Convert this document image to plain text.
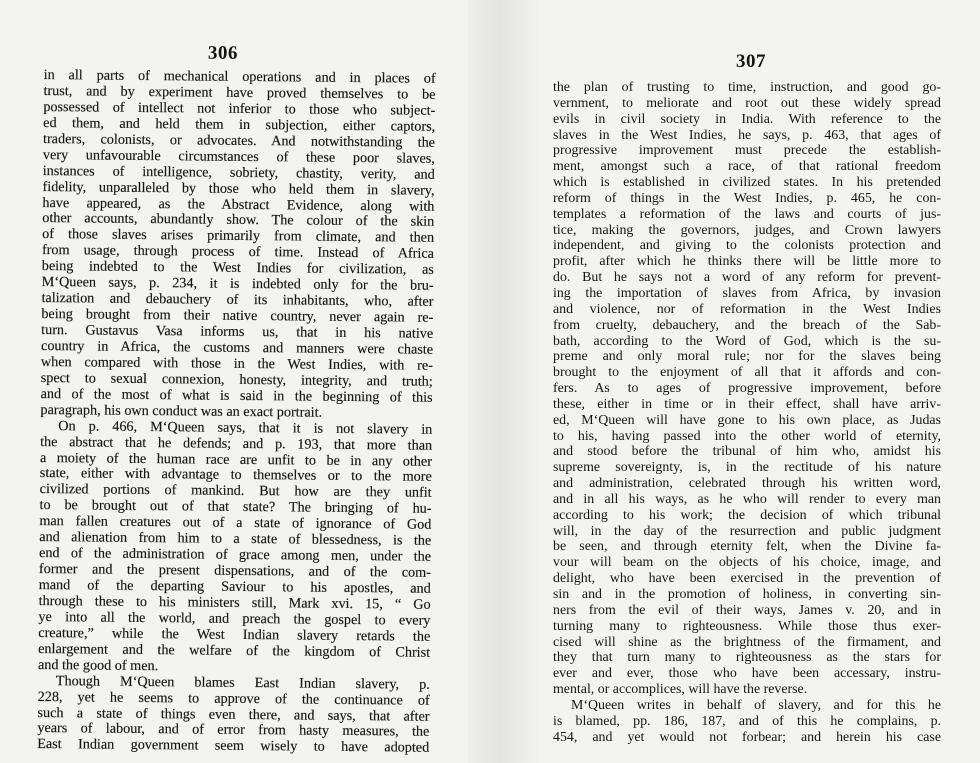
306
in all parts of mechanical operations and in places of
trust, and by experiment have proved themselves to be
possessed of intellect not inferior to those who subject-
ed them, and held them in subjection, either captors,
traders, colonists, or advocates. And notwithstanding the
very unfavourable circumstances of these poor slaves,
instances of intelligence, sobriety, chastity, verity, and
fidelity, unparalleled by those who held them in slavery,
have appeared, as the Abstract Evidence, along with
other accounts, abundantly show. The colour of the skin
of those slaves arises primarily from climate, and then
from usage, through process of time. Instead of Africa
being indebted to the West Indies for civilization, as
M‘Queen says, p. 234, it is indebted only for the bru-
talization and debauchery of its inhabitants, who, after
being brought from their native country, never again re-
turn. Gustavus Vasa informs us, that in his native
country in Africa, the customs and manners were chaste
when compared with those in the West Indies, with re-
spect to sexual connexion, honesty, integrity, and truth;
and of the most of what is said in the beginning of this
paragraph, his own conduct was an exact portrait.
On p. 466, M‘Queen says, that it is not slavery in
the abstract that he defends; and p. 193, that more than
a moiety of the human race are unfit to be in any other
state, either with advantage to themselves or to the more
civilized portions of mankind. But how are they unfit
to be brought out of that state? The bringing of hu-
man fallen creatures out of a state of ignorance of God
and alienation from him to a state of blessedness, is the
end of the administration of grace among men, under the
former and the present dispensations, and of the com-
mand of the departing Saviour to his apostles, and
through these to his ministers still, Mark xvi. 15, “ Go
ye into all the world, and preach the gospel to every
creature,” while the West Indian slavery retards the
enlargement and the welfare of the kingdom of Christ
and the good of men.
Though M‘Queen blames East Indian slavery, p.
228, yet he seems to approve of the continuance of
such a state of things even there, and says, that after
years of labour, and of error from hasty measures, the
East Indian government seem wisely to have adopted
307
the plan of trusting to time, instruction, and good go-
vernment, to meliorate and root out these widely spread
evils in civil society in India. With reference to the
slaves in the West Indies, he says, p. 463, that ages of
progressive improvement must precede the establish-
ment, amongst such a race, of that rational freedom
which is established in civilized states. In his pretended
reform of things in the West Indies, p. 465, he con-
templates a reformation of the laws and courts of jus-
tice, making the governors, judges, and Crown lawyers
independent, and giving to the colonists protection and
profit, after which he thinks there will be little more to
do. But he says not a word of any reform for prevent-
ing the importation of slaves from Africa, by invasion
and violence, nor of reformation in the West Indies
from cruelty, debauchery, and the breach of the Sab-
bath, according to the Word of God, which is the su-
preme and only moral rule; nor for the slaves being
brought to the enjoyment of all that it affords and con-
fers. As to ages of progressive improvement, before
these, either in time or in their effect, shall have arriv-
ed, M‘Queen will have gone to his own place, as Judas
to his, having passed into the other world of eternity,
and stood before the tribunal of him who, amidst his
supreme sovereignty, is, in the rectitude of his nature
and administration, celebrated through his written word,
and in all his ways, as he who will render to every man
according to his work; the decision of which tribunal
will, in the day of the resurrection and public judgment
be seen, and through eternity felt, when the Divine fa-
vour will beam on the objects of his choice, image, and
delight, who have been exercised in the prevention of
sin and in the promotion of holiness, in converting sin-
ners from the evil of their ways, James v. 20, and in
turning many to righteousness. While those thus exer-
cised will shine as the brightness of the firmament, and
they that turn many to righteousness as the stars for
ever and ever, those who have been accessary, instru-
mental, or accomplices, will have the reverse.
M‘Queen writes in behalf of slavery, and for this he
is blamed, pp. 186, 187, and of this he complains, p.
454, and yet would not forbear; and herein his case
